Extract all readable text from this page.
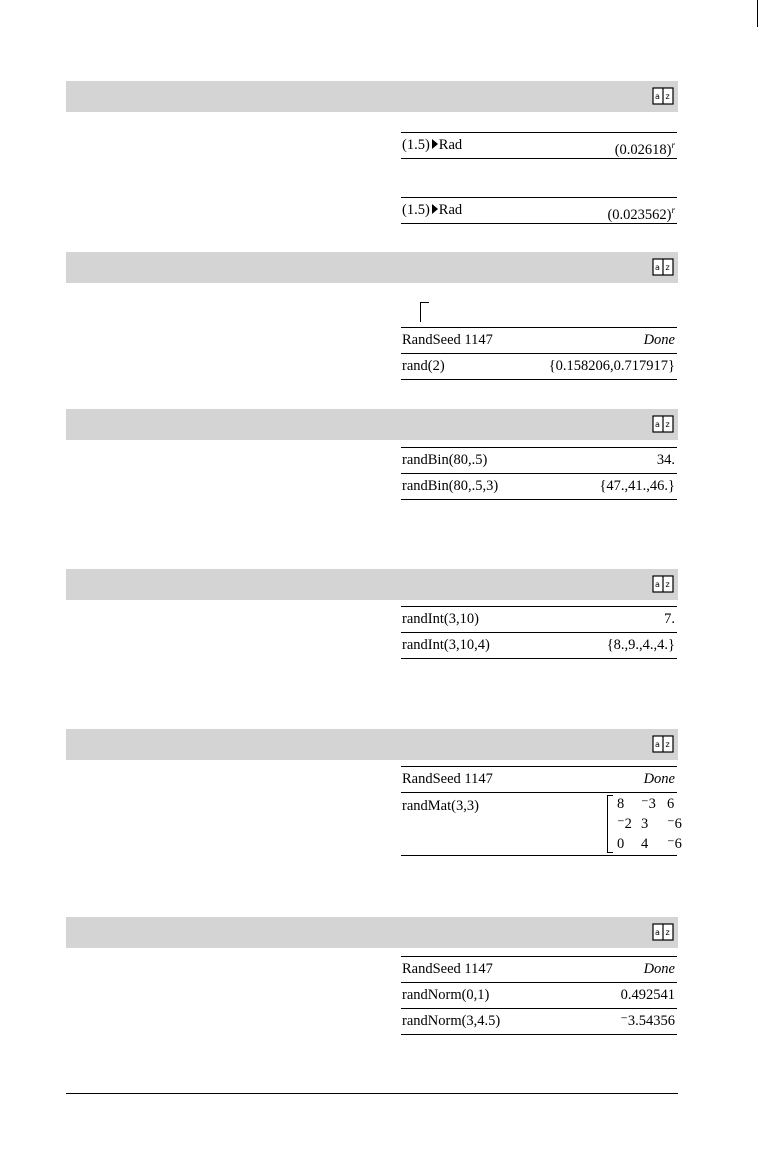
a z
(1.5) Rad	$(0.02618)^r$
(1.5) Rad	$(0.023562)^r$
a z
RandSeed 1147	Done
rand(2)	{0.158206,0.717917}
a z
randBin(80,.5)	34.
randBin(80,.5,3)	{47.,41.,46.}
a z
randInt(3,10)	7.
randInt(3,10,4)	{8.,9.,4.,4.}
a z
RandSeed 1147	Done
randMat(3,3)	8 ⁻3 6
⁻2 3 ⁻6
0 4 ⁻6
a z
RandSeed 1147	Done
randNorm(0,1)	0.492541
randNorm(3,4.5)	⁻3.54356
